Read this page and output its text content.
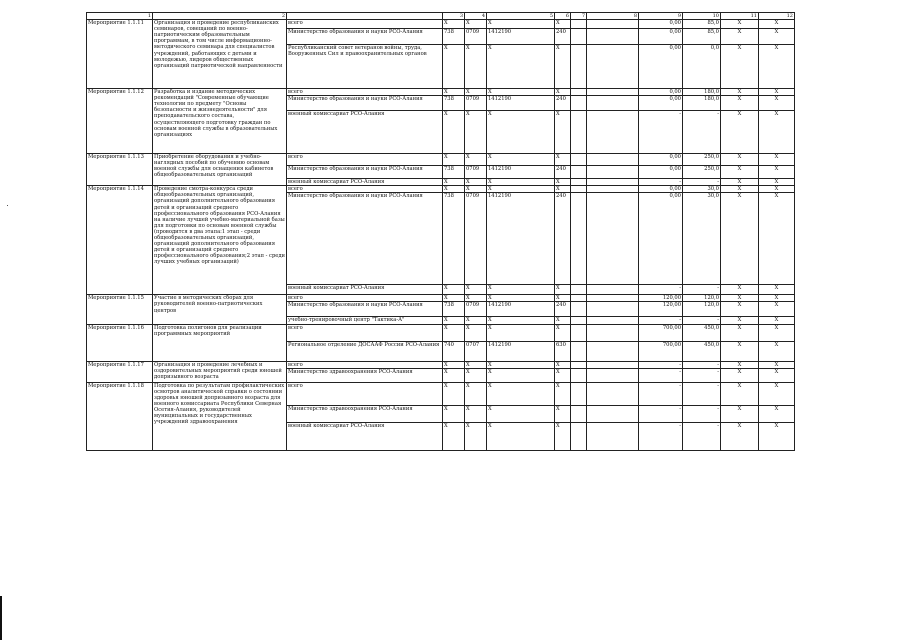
1	2		3	4	5	6	7	8	9	10	11	12	
Мероприятие 1.1.11	Организация и проведение республиканских семинаров, совещаний по военно-патриотическим образовательным программам, в том числе информационно-методического семинара для специалистов учреждений, работающих с детьми и молодежью, лидеров общественных организаций патриотической направленности	всего	X	X	X	X			0,00	85,0	X	X	
		Министерство образования и науки РСО-Алания	738	0709	1412190	240			0,00	85,0	X	X	
		Республиканский совет ветеранов войны, труда, Вооруженных Сил и правоохранительных органов	X	X	X	X			0,00	0,0	X	X	
Мероприятие 1.1.12	Разработка и издание методических рекомендаций "Современные обучающие технологии по предмету "Основы безопасности и жизнедеятельности" для преподавательского состава, осуществляющего подготовку граждан по основам военной службы в образовательных организациях	всего	X	X	X	X			0,00	180,0	X	X	
		Министерство образования и науки РСО-Алания	738	0709	1412190	240			0,00	180,0	X	X	
		военный комиссариат РСО-Алания	X	X	X	X			-	-	X	X	
Мероприятие 1.1.13	Приобретение оборудования и учебно-наглядных пособий по обучению основам военной службы для оснащения кабинетов общеобразовательных организаций	всего	X	X	X	X			0,00	250,0	X	X	
		Министерство образования и науки РСО-Алания	738	0709	1412190	240			0,00	250,0	X	X	
		военный комиссариат РСО-Алания	X	X	X	X			-	-	X	X	
Мероприятие 1.1.14	Проведение смотра-конкурса среди общеобразовательных организаций, организаций дополнительного образования детей и организаций среднего профессионального образования РСО-Алания на наличие лучшей учебно-материальной базы для подготовки по основам военной службы (проводится в два этапа:1 этап - среди общеобразовательных организаций, организаций дополнительного образования детей и организаций среднего профессионального образования;2 этап - среди лучших учебных организаций)	всего	X	X	X	X			0,00	30,0	X	X	
		Министерство образования и науки РСО-Алания	738	0709	1412190	240			0,00	30,0	X	X	
		военный комиссариат РСО-Алания	X	X	X	X			-	-	X	X	
Мероприятие 1.1.15	Участие в методических сборах для руководителей военно-патриотических центров	всего	X	X	X	X			120,00	120,0	X	X	
		Министерство образования и науки РСО-Алания	738	0709	1412190	240			120,00	120,0	X	X	
		учебно-тренировочный центр "Тактика-А"	X	X	X	X			-	-	X	X	
Мероприятие 1.1.16	Подготовка полигонов для реализации программных мероприятий	всего	X	X	X	X			700,00	450,0	X	X	
		Региональное отделение ДОСААФ России РСО-Алания	740	0707	1412190	630			700,00	450,0	X	X	
Мероприятие 1.1.17	Организация и проведение лечебных и оздоровительных мероприятий среди юношей допризывного возраста	всего	X	X	X	X			-	-	X	X	
		Министерство здравоохранения РСО-Алания	X	X	X	X			-	-	X	X	
Мероприятие 1.1.18	Подготовка по результатам профилактических осмотров аналитической справки о состоянии здоровья юношей допризывного возраста для военного комиссариата Республики Северная Осетия-Алания, руководителей муниципальных и государственных учреждений здравоохранения	всего	X	X	X	X			-	-	X	X	
		Министерство здравоохранения РСО-Алания	X	X	X	X			-	-	X	X	
		военный комиссариат РСО-Алания	X	X	X	X			-	-	X	X	
